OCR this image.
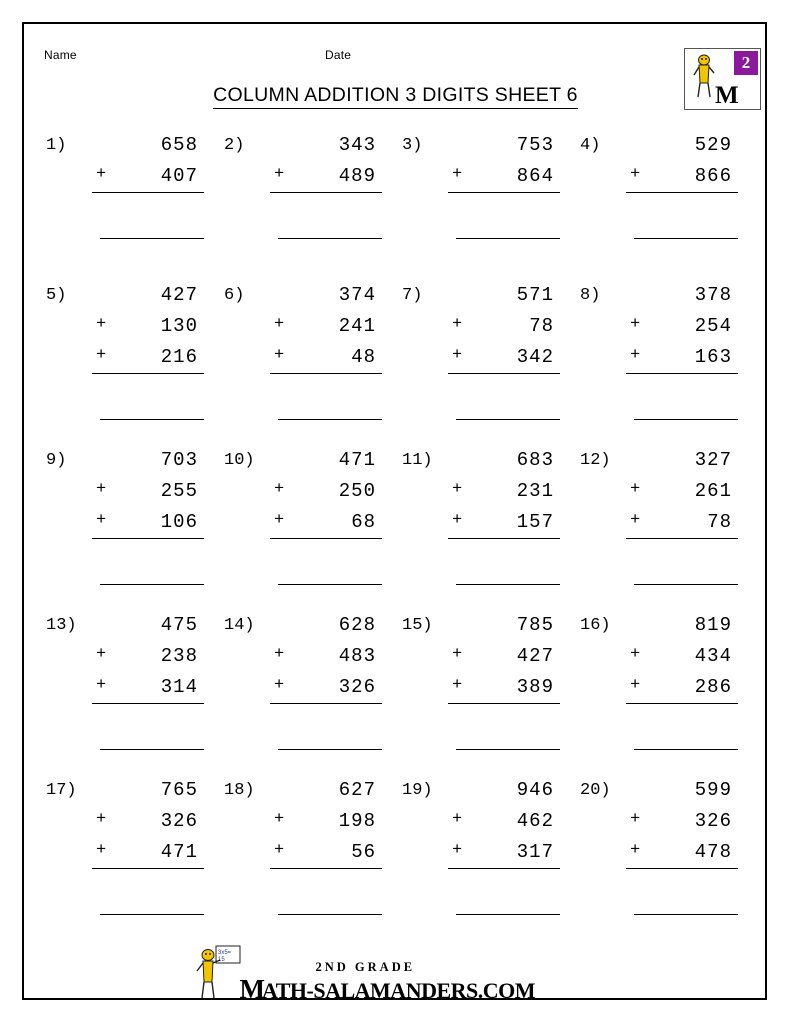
Name	Date
M
2
COLUMN ADDITION 3 DIGITS SHEET 6
1)	658
+	407
2)	343
+	489
3)	753
+	864
4)	529
+	866
5)	427
+	130
+	216
6)	374
+	241
+	48
7)	571
+	78
+	342
8)	378
+	254
+	163
9)	703
+	255
+	106
10)	471
+	250
+	68
11)	683
+	231
+	157
12)	327
+	261
+	78
13)	475
+	238
+	314
14)	628
+	483
+	326
15)	785
+	427
+	389
16)	819
+	434
+	286
17)	765
+	326
+	471
18)	627
+	198
+	56
19)	946
+	462
+	317
20)	599
+	326
+	478
3x5=
15	2ND GRADE
MATH-SALAMANDERS.COM
